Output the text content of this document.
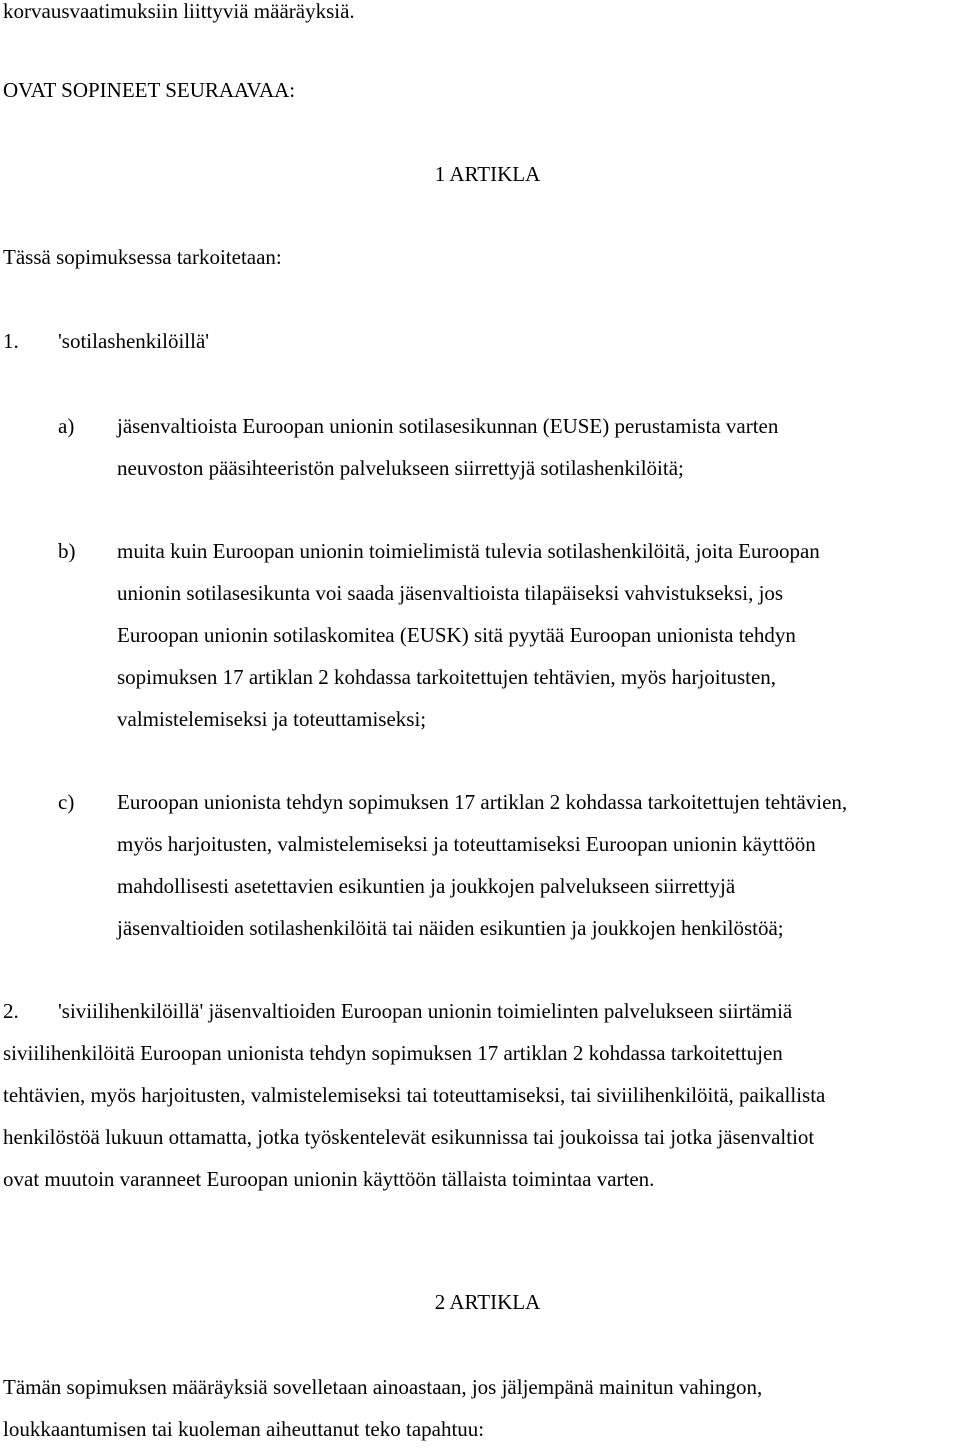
korvausvaatimuksiin liittyviä määräyksiä.
OVAT SOPINEET SEURAAVAA:
1 ARTIKLA
Tässä sopimuksessa tarkoitetaan:
1. 'sotilashenkilöillä'
a) jäsenvaltioista Euroopan unionin sotilasesikunnan (EUSE) perustamista varten
neuvoston pääsihteeristön palvelukseen siirrettyjä sotilashenkilöitä;
b) muita kuin Euroopan unionin toimielimistä tulevia sotilashenkilöitä, joita Euroopan
unionin sotilasesikunta voi saada jäsenvaltioista tilapäiseksi vahvistukseksi, jos
Euroopan unionin sotilaskomitea (EUSK) sitä pyytää Euroopan unionista tehdyn
sopimuksen 17 artiklan 2 kohdassa tarkoitettujen tehtävien, myös harjoitusten,
valmistelemiseksi ja toteuttamiseksi;
c) Euroopan unionista tehdyn sopimuksen 17 artiklan 2 kohdassa tarkoitettujen tehtävien,
myös harjoitusten, valmistelemiseksi ja toteuttamiseksi Euroopan unionin käyttöön
mahdollisesti asetettavien esikuntien ja joukkojen palvelukseen siirrettyjä
jäsenvaltioiden sotilashenkilöitä tai näiden esikuntien ja joukkojen henkilöstöä;
2.	'siviilihenkilöillä' jäsenvaltioiden Euroopan unionin toimielinten palvelukseen siirtämiä
siviilihenkilöitä Euroopan unionista tehdyn sopimuksen 17 artiklan 2 kohdassa tarkoitettujen
tehtävien, myös harjoitusten, valmistelemiseksi tai toteuttamiseksi, tai siviilihenkilöitä, paikallista
henkilöstöä lukuun ottamatta, jotka työskentelevät esikunnissa tai joukoissa tai jotka jäsenvaltiot
ovat muutoin varanneet Euroopan unionin käyttöön tällaista toimintaa varten.
2 ARTIKLA
Tämän sopimuksen määräyksiä sovelletaan ainoastaan, jos jäljempänä mainitun vahingon,
loukkaantumisen tai kuoleman aiheuttanut teko tapahtuu:
